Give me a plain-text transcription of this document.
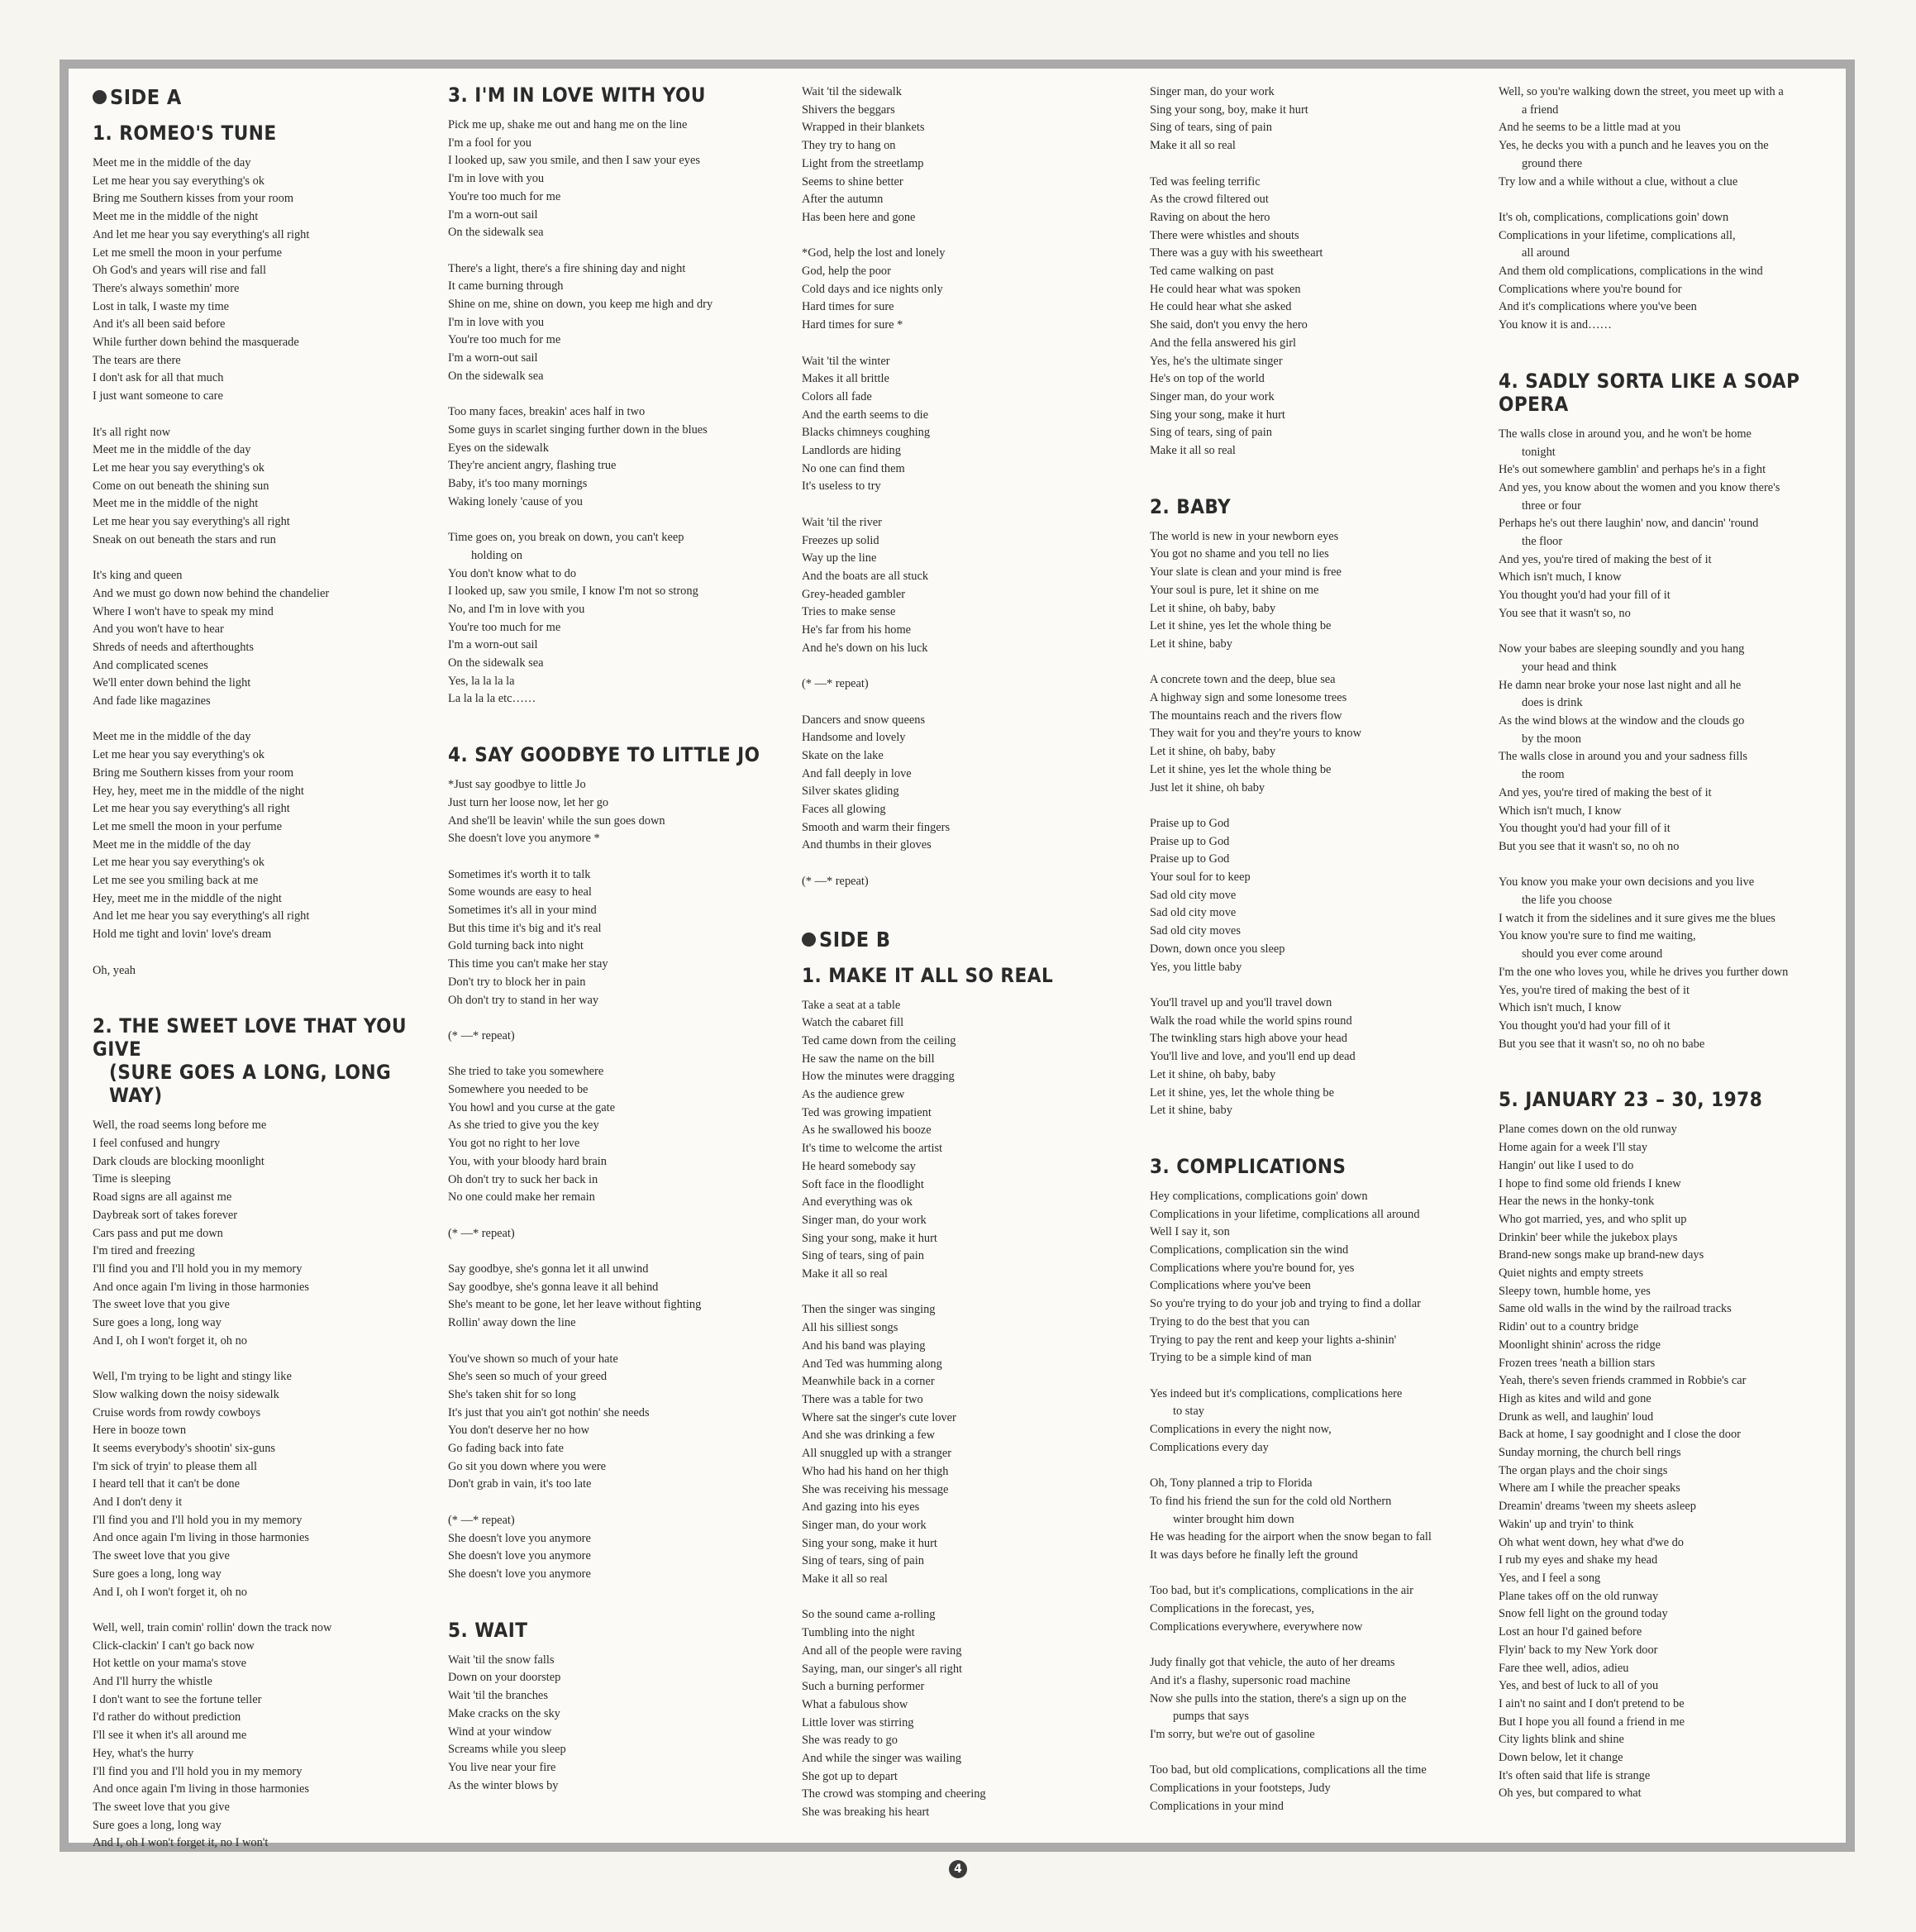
SIDE A
1. ROMEO'S TUNE
Meet me in the middle of the day
Let me hear you say everything's ok
Bring me Southern kisses from your room
Meet me in the middle of the night
And let me hear you say everything's all right
Let me smell the moon in your perfume
Oh God's and years will rise and fall
There's always somethin' more
Lost in talk, I waste my time
And it's all been said before
While further down behind the masquerade
The tears are there
I don't ask for all that much
I just want someone to care
It's all right now
Meet me in the middle of the day
Let me hear you say everything's ok
Come on out beneath the shining sun
Meet me in the middle of the night
Let me hear you say everything's all right
Sneak on out beneath the stars and run
It's king and queen
And we must go down now behind the chandelier
Where I won't have to speak my mind
And you won't have to hear
Shreds of needs and afterthoughts
And complicated scenes
We'll enter down behind the light
And fade like magazines
Meet me in the middle of the day
Let me hear you say everything's ok
Bring me Southern kisses from your room
Hey, hey, meet me in the middle of the night
Let me hear you say everything's all right
Let me smell the moon in your perfume
Meet me in the middle of the day
Let me hear you say everything's ok
Let me see you smiling back at me
Hey, meet me in the middle of the night
And let me hear you say everything's all right
Hold me tight and lovin' love's dream
Oh, yeah
2. THE SWEET LOVE THAT YOU GIVE
(SURE GOES A LONG, LONG WAY)
Well, the road seems long before me
I feel confused and hungry
Dark clouds are blocking moonlight
Time is sleeping
Road signs are all against me
Daybreak sort of takes forever
Cars pass and put me down
I'm tired and freezing
I'll find you and I'll hold you in my memory
And once again I'm living in those harmonies
The sweet love that you give
Sure goes a long, long way
And I, oh I won't forget it, oh no
Well, I'm trying to be light and stingy like
Slow walking down the noisy sidewalk
Cruise words from rowdy cowboys
Here in booze town
It seems everybody's shootin' six-guns
I'm sick of tryin' to please them all
I heard tell that it can't be done
And I don't deny it
I'll find you and I'll hold you in my memory
And once again I'm living in those harmonies
The sweet love that you give
Sure goes a long, long way
And I, oh I won't forget it, oh no
Well, well, train comin' rollin' down the track now
Click-clackin' I can't go back now
Hot kettle on your mama's stove
And I'll hurry the whistle
I don't want to see the fortune teller
I'd rather do without prediction
I'll see it when it's all around me
Hey, what's the hurry
I'll find you and I'll hold you in my memory
And once again I'm living in those harmonies
The sweet love that you give
Sure goes a long, long way
And I, oh I won't forget it, no I won't
3. I'M IN LOVE WITH YOU
Pick me up, shake me out and hang me on the line
I'm a fool for you
I looked up, saw you smile, and then I saw your eyes
I'm in love with you
You're too much for me
I'm a worn-out sail
On the sidewalk sea
There's a light, there's a fire shining day and night
It came burning through
Shine on me, shine on down, you keep me high and dry
I'm in love with you
You're too much for me
I'm a worn-out sail
On the sidewalk sea
Too many faces, breakin' aces half in two
Some guys in scarlet singing further down in the blues
Eyes on the sidewalk
They're ancient angry, flashing true
Baby, it's too many mornings
Waking lonely 'cause of you
Time goes on, you break on down, you can't keep
holding on
You don't know what to do
I looked up, saw you smile, I know I'm not so strong
No, and I'm in love with you
You're too much for me
I'm a worn-out sail
On the sidewalk sea
Yes, la la la la
La la la la etc……
4. SAY GOODBYE TO LITTLE JO
*Just say goodbye to little Jo
Just turn her loose now, let her go
And she'll be leavin' while the sun goes down
She doesn't love you anymore *
Sometimes it's worth it to talk
Some wounds are easy to heal
Sometimes it's all in your mind
But this time it's big and it's real
Gold turning back into night
This time you can't make her stay
Don't try to block her in pain
Oh don't try to stand in her way
(* —* repeat)
She tried to take you somewhere
Somewhere you needed to be
You howl and you curse at the gate
As she tried to give you the key
You got no right to her love
You, with your bloody hard brain
Oh don't try to suck her back in
No one could make her remain
(* —* repeat)
Say goodbye, she's gonna let it all unwind
Say goodbye, she's gonna leave it all behind
She's meant to be gone, let her leave without fighting
Rollin' away down the line
You've shown so much of your hate
She's seen so much of your greed
She's taken shit for so long
It's just that you ain't got nothin' she needs
You don't deserve her no how
Go fading back into fate
Go sit you down where you were
Don't grab in vain, it's too late
(* —* repeat)
She doesn't love you anymore
She doesn't love you anymore
She doesn't love you anymore
5. WAIT
Wait 'til the snow falls
Down on your doorstep
Wait 'til the branches
Make cracks on the sky
Wind at your window
Screams while you sleep
You live near your fire
As the winter blows by
Wait 'til the sidewalk
Shivers the beggars
Wrapped in their blankets
They try to hang on
Light from the streetlamp
Seems to shine better
After the autumn
Has been here and gone
*God, help the lost and lonely
God, help the poor
Cold days and ice nights only
Hard times for sure
Hard times for sure *
Wait 'til the winter
Makes it all brittle
Colors all fade
And the earth seems to die
Blacks chimneys coughing
Landlords are hiding
No one can find them
It's useless to try
Wait 'til the river
Freezes up solid
Way up the line
And the boats are all stuck
Grey-headed gambler
Tries to make sense
He's far from his home
And he's down on his luck
(* —* repeat)
Dancers and snow queens
Handsome and lovely
Skate on the lake
And fall deeply in love
Silver skates gliding
Faces all glowing
Smooth and warm their fingers
And thumbs in their gloves
(* —* repeat)
SIDE B
1. MAKE IT ALL SO REAL
Take a seat at a table
Watch the cabaret fill
Ted came down from the ceiling
He saw the name on the bill
How the minutes were dragging
As the audience grew
Ted was growing impatient
As he swallowed his booze
It's time to welcome the artist
He heard somebody say
Soft face in the floodlight
And everything was ok
Singer man, do your work
Sing your song, make it hurt
Sing of tears, sing of pain
Make it all so real
Then the singer was singing
All his silliest songs
And his band was playing
And Ted was humming along
Meanwhile back in a corner
There was a table for two
Where sat the singer's cute lover
And she was drinking a few
All snuggled up with a stranger
Who had his hand on her thigh
She was receiving his message
And gazing into his eyes
Singer man, do your work
Sing your song, make it hurt
Sing of tears, sing of pain
Make it all so real
So the sound came a-rolling
Tumbling into the night
And all of the people were raving
Saying, man, our singer's all right
Such a burning performer
What a fabulous show
Little lover was stirring
She was ready to go
And while the singer was wailing
She got up to depart
The crowd was stomping and cheering
She was breaking his heart
Singer man, do your work
Sing your song, boy, make it hurt
Sing of tears, sing of pain
Make it all so real
Ted was feeling terrific
As the crowd filtered out
Raving on about the hero
There were whistles and shouts
There was a guy with his sweetheart
Ted came walking on past
He could hear what was spoken
He could hear what she asked
She said, don't you envy the hero
And the fella answered his girl
Yes, he's the ultimate singer
He's on top of the world
Singer man, do your work
Sing your song, make it hurt
Sing of tears, sing of pain
Make it all so real
2. BABY
The world is new in your newborn eyes
You got no shame and you tell no lies
Your slate is clean and your mind is free
Your soul is pure, let it shine on me
Let it shine, oh baby, baby
Let it shine, yes let the whole thing be
Let it shine, baby
A concrete town and the deep, blue sea
A highway sign and some lonesome trees
The mountains reach and the rivers flow
They wait for you and they're yours to know
Let it shine, oh baby, baby
Let it shine, yes let the whole thing be
Just let it shine, oh baby
Praise up to God
Praise up to God
Praise up to God
Your soul for to keep
Sad old city move
Sad old city move
Sad old city moves
Down, down once you sleep
Yes, you little baby
You'll travel up and you'll travel down
Walk the road while the world spins round
The twinkling stars high above your head
You'll live and love, and you'll end up dead
Let it shine, oh baby, baby
Let it shine, yes, let the whole thing be
Let it shine, baby
3. COMPLICATIONS
Hey complications, complications goin' down
Complications in your lifetime, complications all around
Well I say it, son
Complications, complication sin the wind
Complications where you're bound for, yes
Complications where you've been
So you're trying to do your job and trying to find a dollar
Trying to do the best that you can
Trying to pay the rent and keep your lights a-shinin'
Trying to be a simple kind of man
Yes indeed but it's complications, complications here
to stay
Complications in every the night now,
Complications every day
Oh, Tony planned a trip to Florida
To find his friend the sun for the cold old Northern
winter brought him down
He was heading for the airport when the snow began to fall
It was days before he finally left the ground
Too bad, but it's complications, complications in the air
Complications in the forecast, yes,
Complications everywhere, everywhere now
Judy finally got that vehicle, the auto of her dreams
And it's a flashy, supersonic road machine
Now she pulls into the station, there's a sign up on the
pumps that says
I'm sorry, but we're out of gasoline
Too bad, but old complications, complications all the time
Complications in your footsteps, Judy
Complications in your mind
Well, so you're walking down the street, you meet up with a
a friend
And he seems to be a little mad at you
Yes, he decks you with a punch and he leaves you on the
ground there
Try low and a while without a clue, without a clue
It's oh, complications, complications goin' down
Complications in your lifetime, complications all,
all around
And them old complications, complications in the wind
Complications where you're bound for
And it's complications where you've been
You know it is and……
4. SADLY SORTA LIKE A SOAP OPERA
The walls close in around you, and he won't be home
tonight
He's out somewhere gamblin' and perhaps he's in a fight
And yes, you know about the women and you know there's
three or four
Perhaps he's out there laughin' now, and dancin' 'round
the floor
And yes, you're tired of making the best of it
Which isn't much, I know
You thought you'd had your fill of it
You see that it wasn't so, no
Now your babes are sleeping soundly and you hang
your head and think
He damn near broke your nose last night and all he
does is drink
As the wind blows at the window and the clouds go
by the moon
The walls close in around you and your sadness fills
the room
And yes, you're tired of making the best of it
Which isn't much, I know
You thought you'd had your fill of it
But you see that it wasn't so, no oh no
You know you make your own decisions and you live
the life you choose
I watch it from the sidelines and it sure gives me the blues
You know you're sure to find me waiting,
should you ever come around
I'm the one who loves you, while he drives you further down
Yes, you're tired of making the best of it
Which isn't much, I know
You thought you'd had your fill of it
But you see that it wasn't so, no oh no babe
5. JANUARY 23 – 30, 1978
Plane comes down on the old runway
Home again for a week I'll stay
Hangin' out like I used to do
I hope to find some old friends I knew
Hear the news in the honky-tonk
Who got married, yes, and who split up
Drinkin' beer while the jukebox plays
Brand-new songs make up brand-new days
Quiet nights and empty streets
Sleepy town, humble home, yes
Same old walls in the wind by the railroad tracks
Ridin' out to a country bridge
Moonlight shinin' across the ridge
Frozen trees 'neath a billion stars
Yeah, there's seven friends crammed in Robbie's car
High as kites and wild and gone
Drunk as well, and laughin' loud
Back at home, I say goodnight and I close the door
Sunday morning, the church bell rings
The organ plays and the choir sings
Where am I while the preacher speaks
Dreamin' dreams 'tween my sheets asleep
Wakin' up and tryin' to think
Oh what went down, hey what d'we do
I rub my eyes and shake my head
Yes, and I feel a song
Plane takes off on the old runway
Snow fell light on the ground today
Lost an hour I'd gained before
Flyin' back to my New York door
Fare thee well, adios, adieu
Yes, and best of luck to all of you
I ain't no saint and I don't pretend to be
But I hope you all found a friend in me
City lights blink and shine
Down below, let it change
It's often said that life is strange
Oh yes, but compared to what
4
